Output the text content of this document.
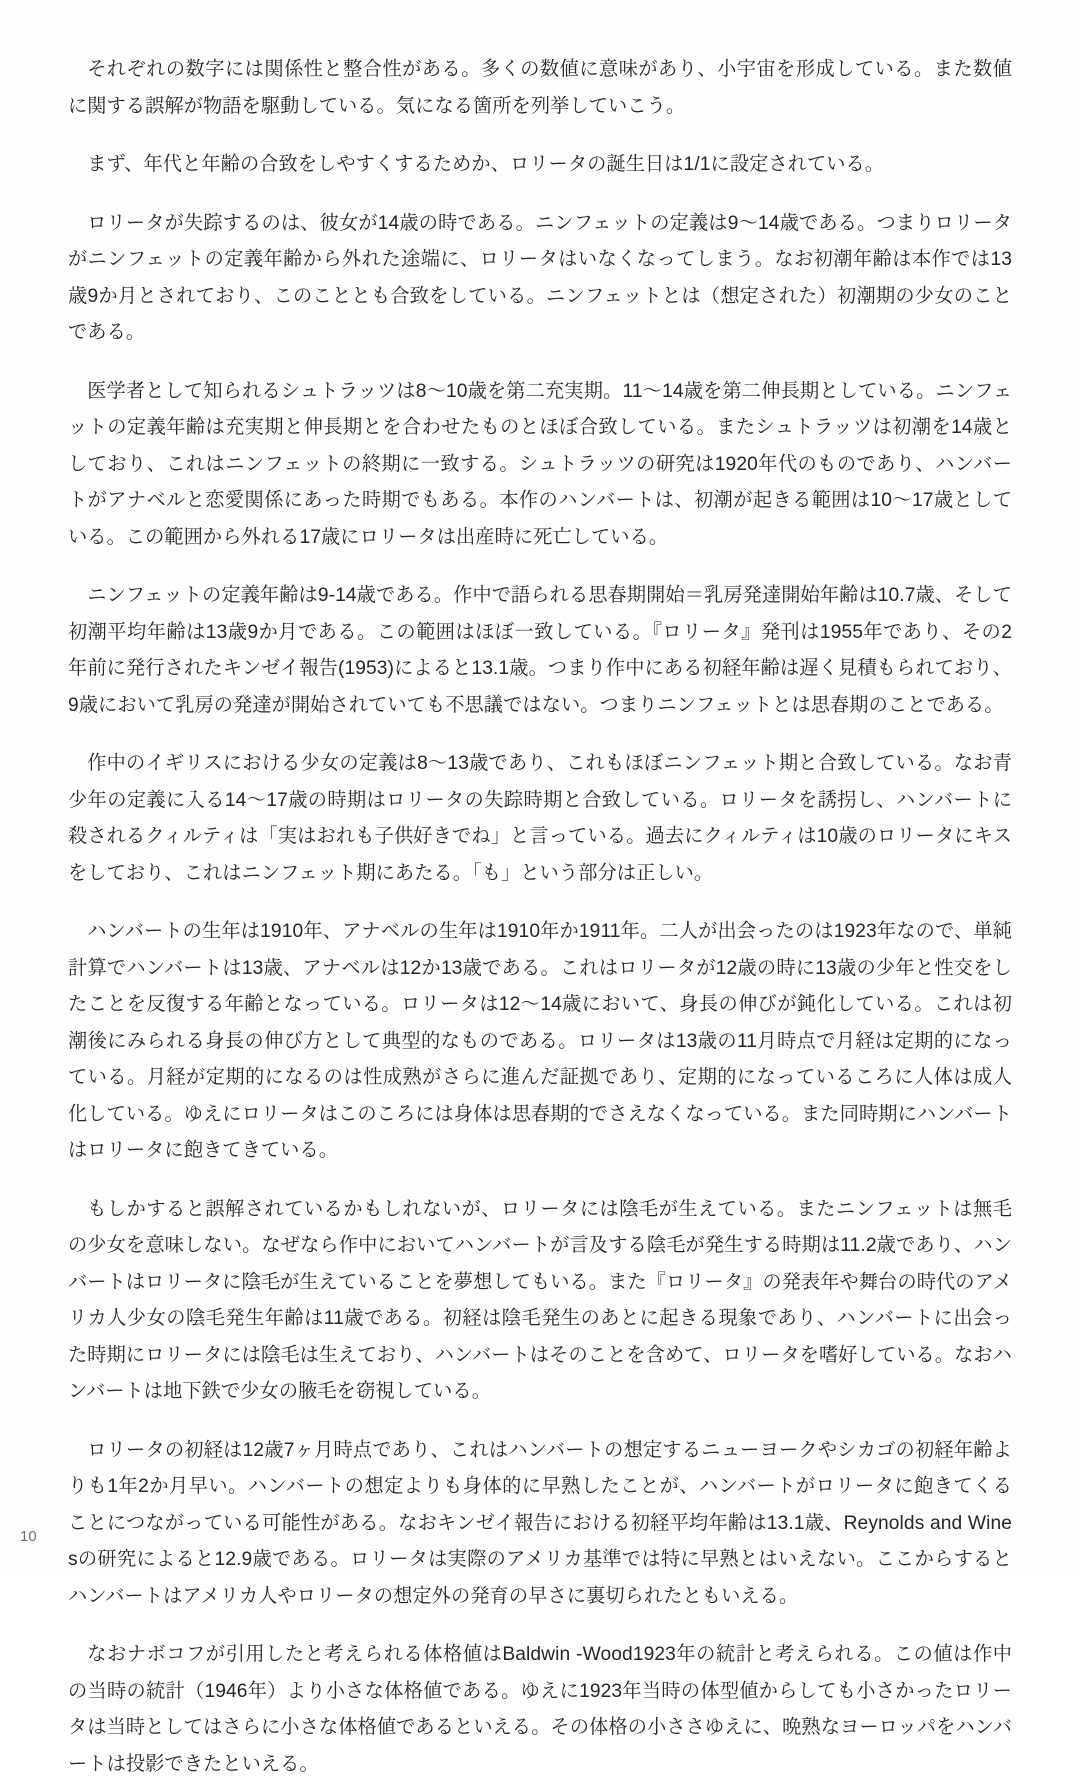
それぞれの数字には関係性と整合性がある。多くの数値に意味があり、小宇宙を形成している。また数値に関する誤解が物語を駆動している。気になる箇所を列挙していこう。

まず、年代と年齢の合致をしやすくするためか、ロリータの誕生日は1/1に設定されている。

ロリータが失踪するのは、彼女が14歳の時である。ニンフェットの定義は9〜14歳である。つまりロリータがニンフェットの定義年齢から外れた途端に、ロリータはいなくなってしまう。なお初潮年齢は本作では13歳9か月とされており、このこととも合致をしている。ニンフェットとは（想定された）初潮期の少女のことである。

医学者として知られるシュトラッツは8〜10歳を第二充実期。11〜14歳を第二伸長期としている。ニンフェットの定義年齢は充実期と伸長期とを合わせたものとほぼ合致している。またシュトラッツは初潮を14歳としており、これはニンフェットの終期に一致する。シュトラッツの研究は1920年代のものであり、ハンバートがアナベルと恋愛関係にあった時期でもある。本作のハンバートは、初潮が起きる範囲は10〜17歳としている。この範囲から外れる17歳にロリータは出産時に死亡している。

ニンフェットの定義年齢は9-14歳である。作中で語られる思春期開始＝乳房発達開始年齢は10.7歳、そして初潮平均年齢は13歳9か月である。この範囲はほぼ一致している。『ロリータ』発刊は1955年であり、その2年前に発行されたキンゼイ報告(1953)によると13.1歳。つまり作中にある初経年齢は遅く見積もられており、9歳において乳房の発達が開始されていても不思議ではない。つまりニンフェットとは思春期のことである。

作中のイギリスにおける少女の定義は8〜13歳であり、これもほぼニンフェット期と合致している。なお青少年の定義に入る14〜17歳の時期はロリータの失踪時期と合致している。ロリータを誘拐し、ハンバートに殺されるクィルティは「実はおれも子供好きでね」と言っている。過去にクィルティは10歳のロリータにキスをしており、これはニンフェット期にあたる。「も」という部分は正しい。

ハンバートの生年は1910年、アナベルの生年は1910年か1911年。二人が出会ったのは1923年なので、単純計算でハンバートは13歳、アナベルは12か13歳である。これはロリータが12歳の時に13歳の少年と性交をしたことを反復する年齢となっている。ロリータは12〜14歳において、身長の伸びが鈍化している。これは初潮後にみられる身長の伸び方として典型的なものである。ロリータは13歳の11月時点で月経は定期的になっている。月経が定期的になるのは性成熟がさらに進んだ証拠であり、定期的になっているころに人体は成人化している。ゆえにロリータはこのころには身体は思春期的でさえなくなっている。また同時期にハンバートはロリータに飽きてきている。

もしかすると誤解されているかもしれないが、ロリータには陰毛が生えている。またニンフェットは無毛の少女を意味しない。なぜなら作中においてハンバートが言及する陰毛が発生する時期は11.2歳であり、ハンバートはロリータに陰毛が生えていることを夢想してもいる。また『ロリータ』の発表年や舞台の時代のアメリカ人少女の陰毛発生年齢は11歳である。初経は陰毛発生のあとに起きる現象であり、ハンバートに出会った時期にロリータには陰毛は生えており、ハンバートはそのことを含めて、ロリータを嗜好している。なおハンバートは地下鉄で少女の腋毛を窃視している。

ロリータの初経は12歳7ヶ月時点であり、これはハンバートの想定するニューヨークやシカゴの初経年齢よりも1年2か月早い。ハンバートの想定よりも身体的に早熟したことが、ハンバートがロリータに飽きてくることにつながっている可能性がある。なおキンゼイ報告における初経平均年齢は13.1歳、Reynolds and Winesの研究によると12.9歳である。ロリータは実際のアメリカ基準では特に早熟とはいえない。ここからするとハンバートはアメリカ人やロリータの想定外の発育の早さに裏切られたともいえる。

なおナボコフが引用したと考えられる体格値はBaldwin -Wood1923年の統計と考えられる。この値は作中の当時の統計（1946年）より小さな体格値である。ゆえに1923年当時の体型値からしても小さかったロリータは当時としてはさらに小さな体格値であるといえる。その体格の小ささゆえに、晩熟なヨーロッパをハンバートは投影できたといえる。

10
